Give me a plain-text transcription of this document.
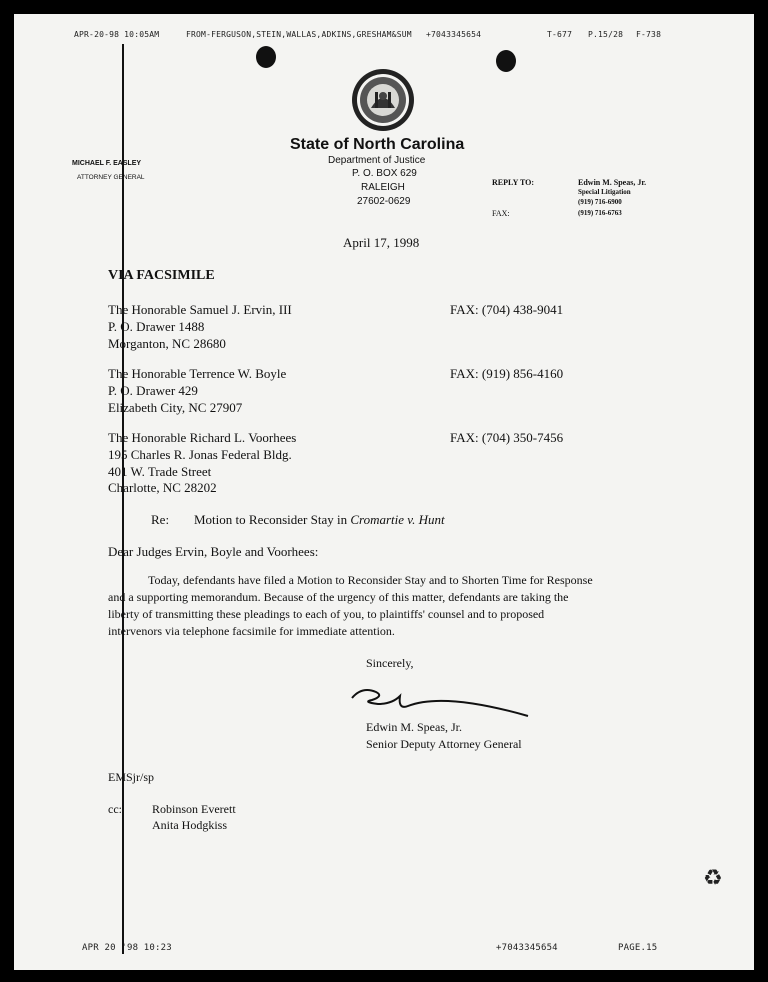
APR-20-98 10:05AM	FROM-FERGUSON,STEIN,WALLAS,ADKINS,GRESHAM&SUM +7043345654	T-677 P.15/28 F-738
State of North Carolina
Department of Justice
P. O. BOX 629
RALEIGH
27602-0629
MICHAEL F. EASLEY
ATTORNEY GENERAL
REPLY TO:	Edwin M. Speas, Jr.
Special Litigation
(919) 716-6900
FAX:	(919) 716-6763
April 17, 1998
VIA FACSIMILE
The Honorable Samuel J. Ervin, III
P. O. Drawer 1488
Morganton, NC 28680
FAX: (704) 438-9041
The Honorable Terrence W. Boyle
P. O. Drawer 429
Elizabeth City, NC 27907
FAX: (919) 856-4160
The Honorable Richard L. Voorhees
195 Charles R. Jonas Federal Bldg.
401 W. Trade Street
Charlotte, NC 28202
FAX: (704) 350-7456
Re: Motion to Reconsider Stay in Cromartie v. Hunt
Dear Judges Ervin, Boyle and Voorhees:
Today, defendants have filed a Motion to Reconsider Stay and to Shorten Time for Response
and a supporting memorandum. Because of the urgency of this matter, defendants are taking the
liberty of transmitting these pleadings to each of you, to plaintiffs' counsel and to proposed
intervenors via telephone facsimile for immediate attention.
Sincerely,
Edwin M. Speas, Jr.
Senior Deputy Attorney General
EMSjr/sp
cc:	Robinson Everett
Anita Hodgkiss
♻
APR 20 '98 10:23	+7043345654	PAGE.15
